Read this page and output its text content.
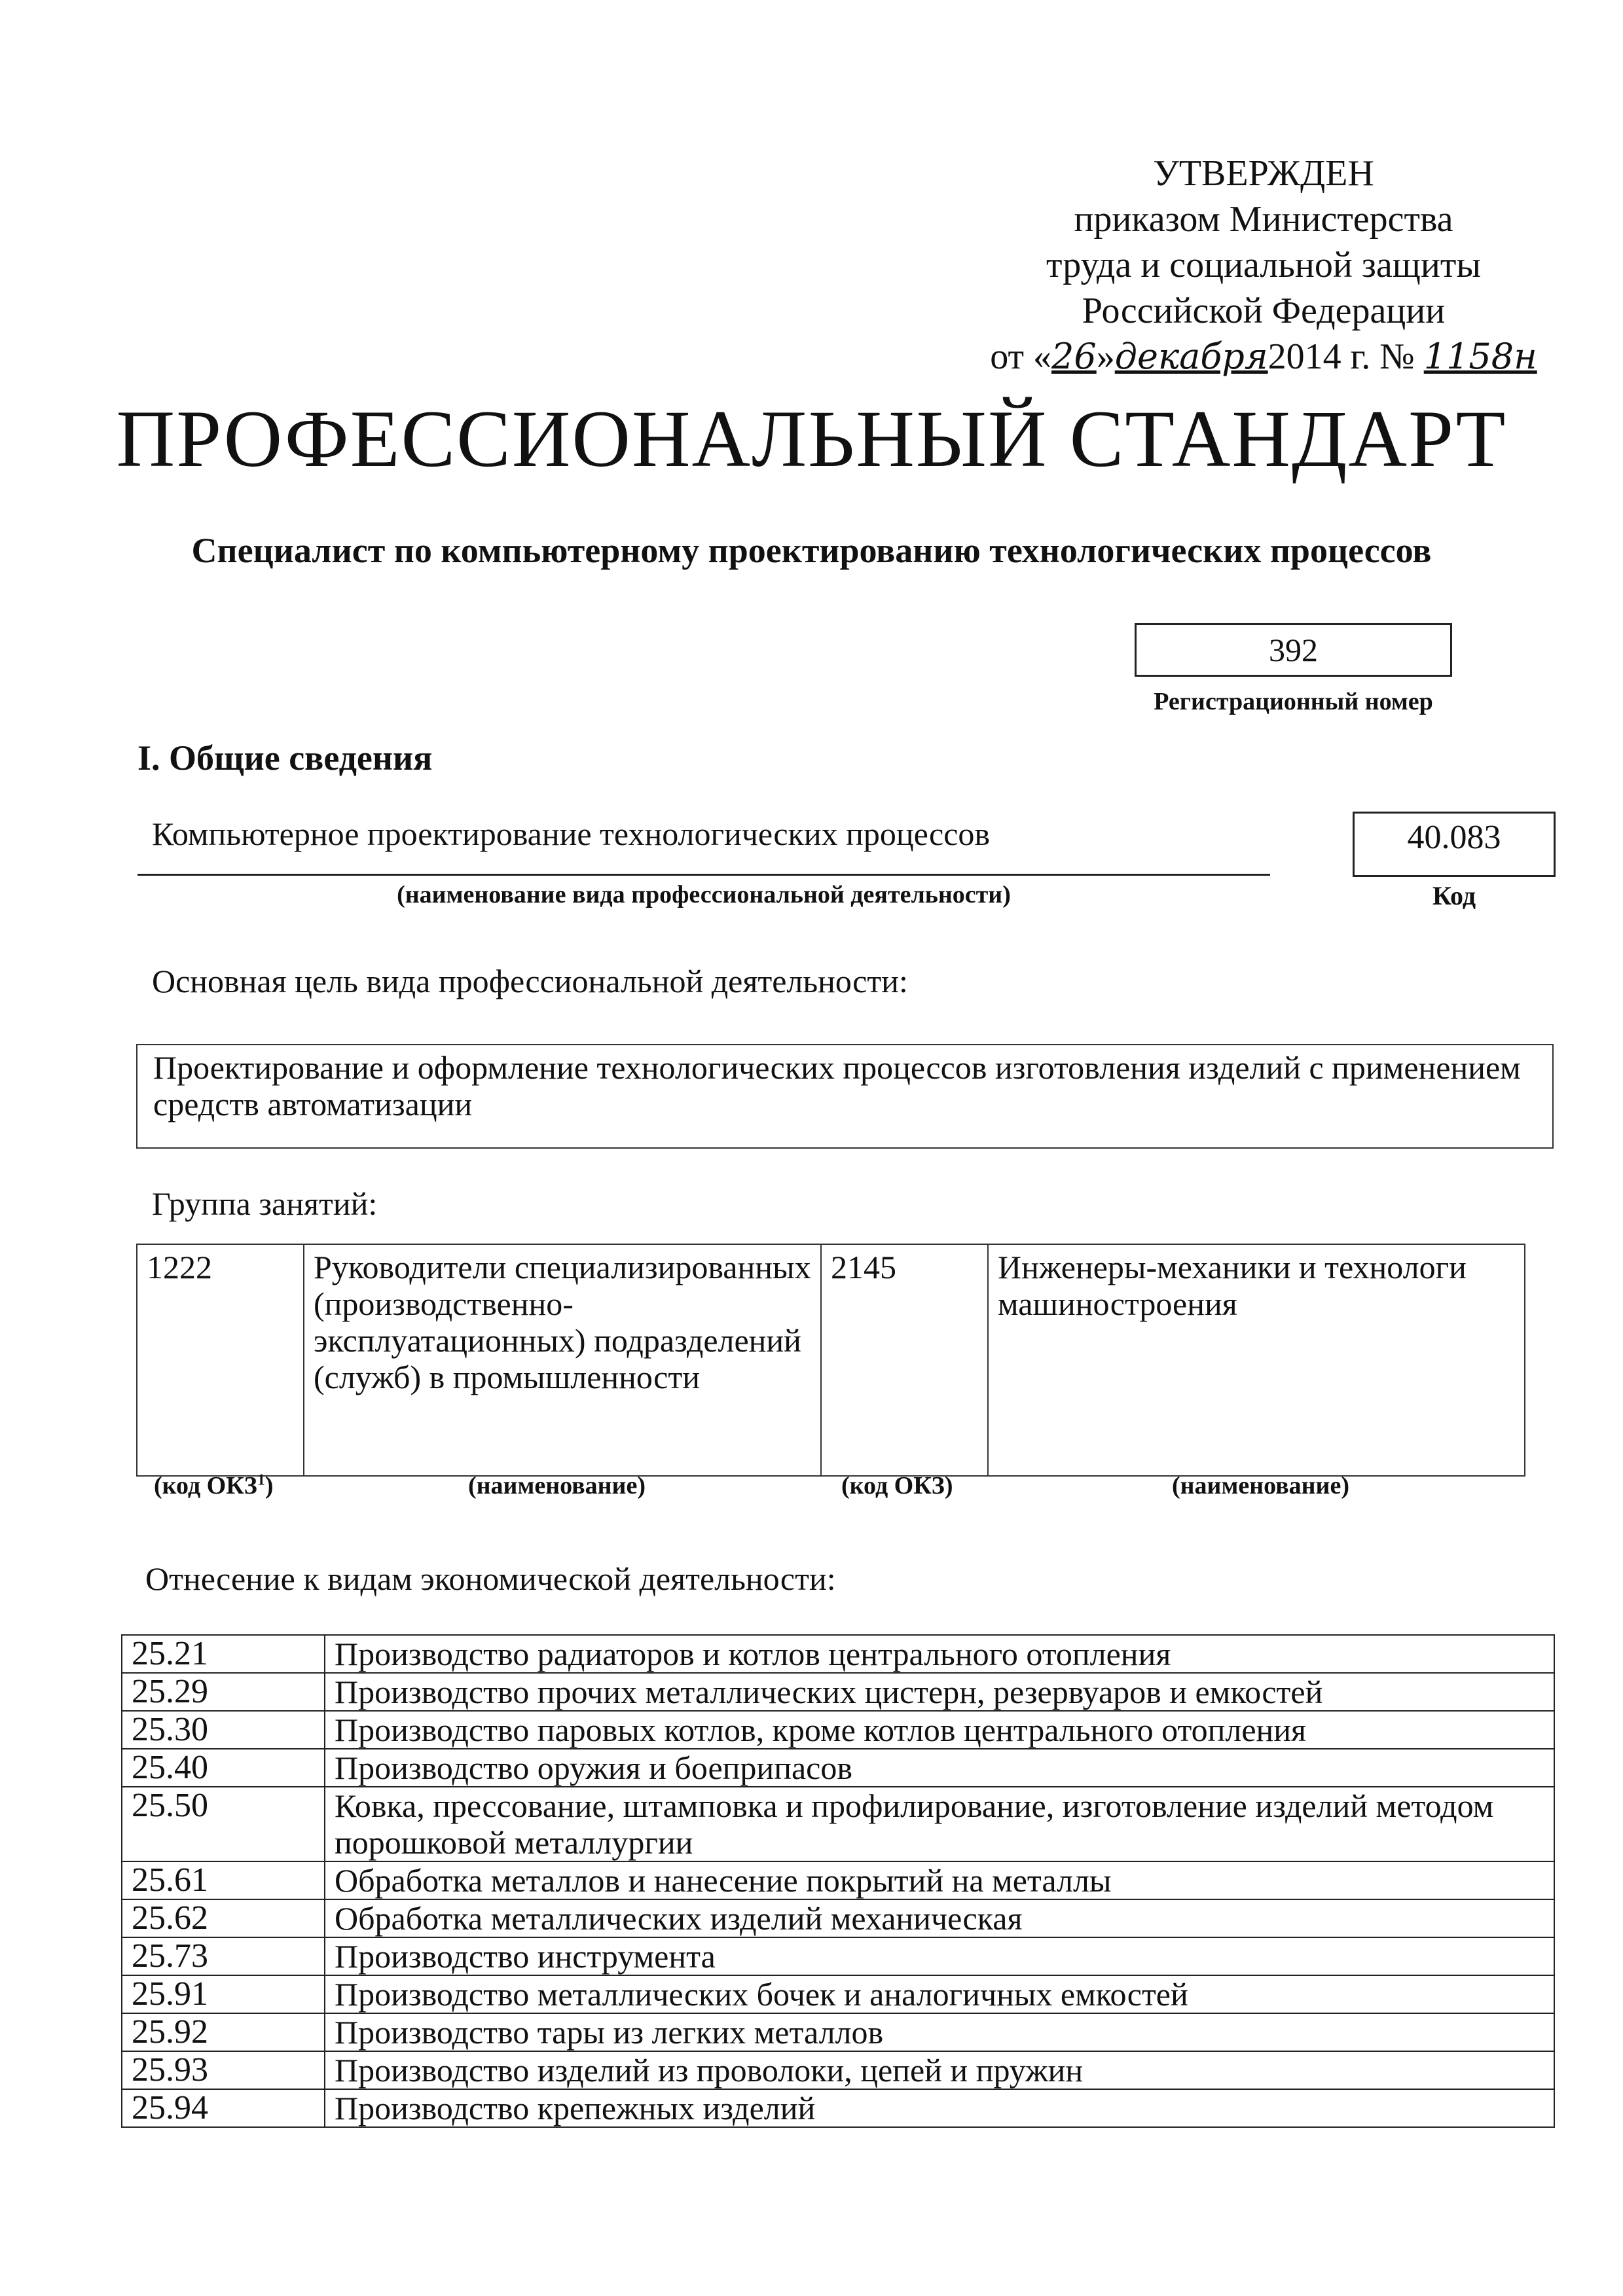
УТВЕРЖДЕН
приказом Министерства
труда и социальной защиты
Российской Федерации
от «26»декабря2014 г. № 1158н
ПРОФЕССИОНАЛЬНЫЙ СТАНДАРТ
Специалист по компьютерному проектированию технологических процессов
392
Регистрационный номер
I. Общие сведения
Компьютерное проектирование технологических процессов
(наименование вида профессиональной деятельности)
40.083
Код
Основная цель вида профессиональной деятельности:
Проектирование и оформление технологических процессов изготовления изделий с применением средств автоматизации
Группа занятий:
1222	Руководители специализированных (производственно-эксплуатационных) подразделений (служб) в промышленности	2145	Инженеры-механики и технологи машиностроения
(код ОКЗ$^1$)	(наименование)	(код ОКЗ)	(наименование)
Отнесение к видам экономической деятельности:
25.21	Производство радиаторов и котлов центрального отопления
25.29	Производство прочих металлических цистерн, резервуаров и емкостей
25.30	Производство паровых котлов, кроме котлов центрального отопления
25.40	Производство оружия и боеприпасов
25.50	Ковка, прессование, штамповка и профилирование, изготовление изделий методом порошковой металлургии
25.61	Обработка металлов и нанесение покрытий на металлы
25.62	Обработка металлических изделий механическая
25.73	Производство инструмента
25.91	Производство металлических бочек и аналогичных емкостей
25.92	Производство тары из легких металлов
25.93	Производство изделий из проволоки, цепей и пружин
25.94	Производство крепежных изделий
